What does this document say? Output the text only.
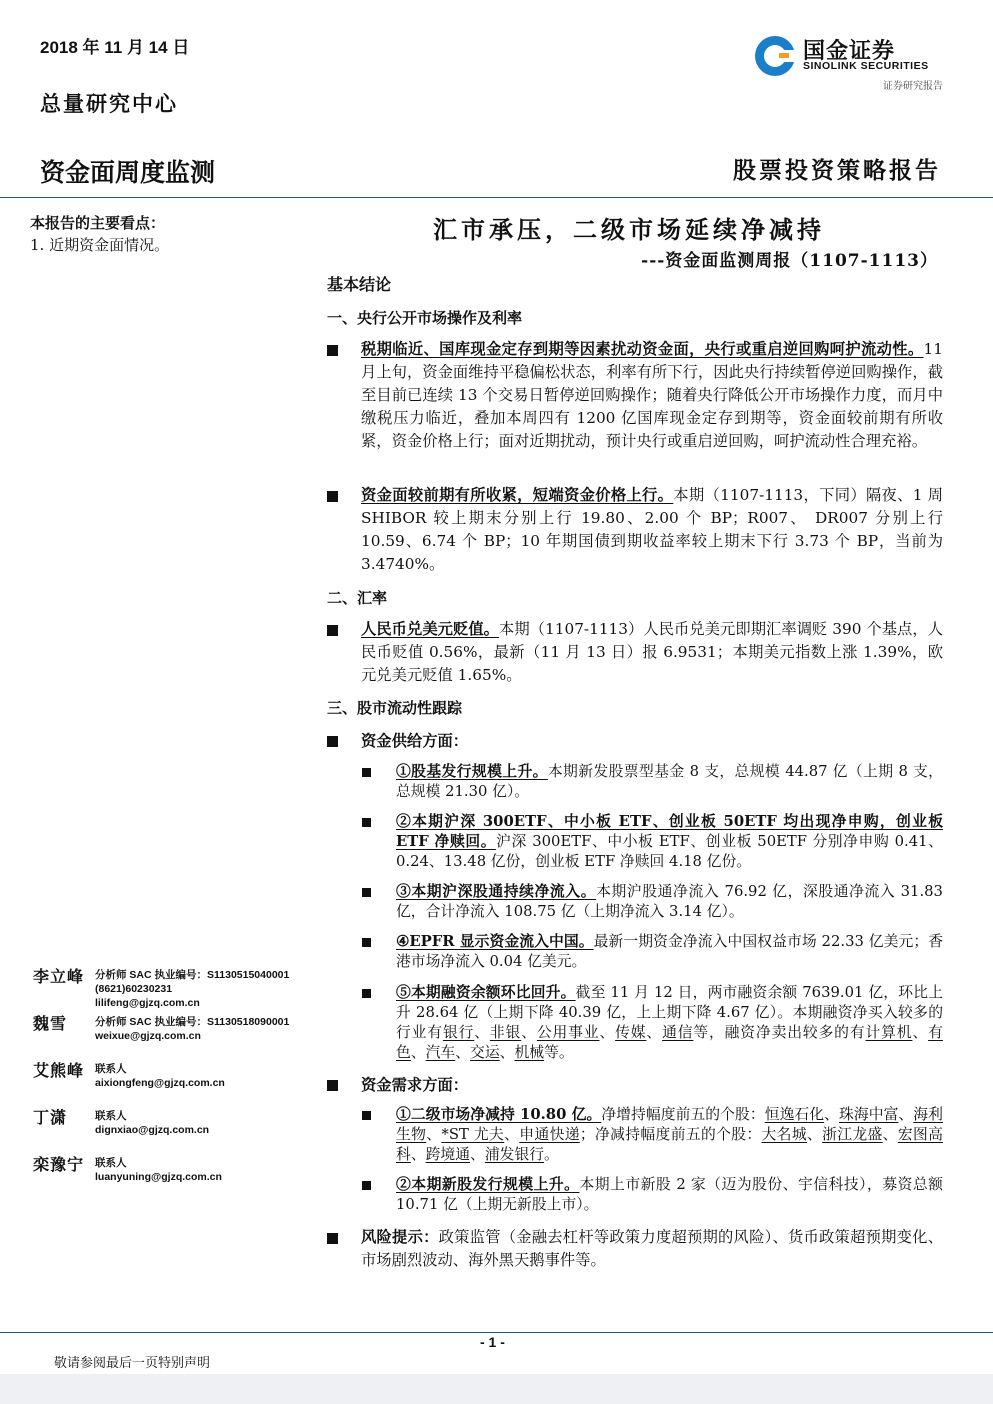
2018 年 11 月 14 日
总量研究中心
资金面周度监测	股票投资策略报告
国金证券
SINOLINK SECURITIES
证券研究报告
本报告的主要看点：
1. 近期资金面情况。
李立峰 分析师 SAC 执业编号：S1130515040001
(8621)60230231
lilifeng@gjzq.com.cn
魏雪	分析师 SAC 执业编号：S1130518090001
weixue@gjzq.com.cn
艾熊峰 联系人
aixiongfeng@gjzq.com.cn
丁潇	联系人
dignxiao@gjzq.com.cn
栾豫宁 联系人
luanyuning@gjzq.com.cn
汇市承压，二级市场延续净减持
---资金面监测周报（1107-1113）
基本结论
一、央行公开市场操作及利率
税期临近、国库现金定存到期等因素扰动资金面，央行或重启逆回购呵护流动性。11 月上旬，资金面维持平稳偏松状态，利率有所下行，因此央行持续暂停逆回购操作，截至目前已连续 13 个交易日暂停逆回购操作；随着央行降低公开市场操作力度，而月中缴税压力临近，叠加本周四有 1200 亿国库现金定存到期等，资金面较前期有所收紧，资金价格上行；面对近期扰动，预计央行或重启逆回购，呵护流动性合理充裕。
资金面较前期有所收紧，短端资金价格上行。本期（1107-1113，下同）隔夜、1 周 SHIBOR 较上期末分别上行 19.80、2.00 个 BP；R007、 DR007 分别上行 10.59、6.74 个 BP；10 年期国债到期收益率较上期末下行 3.73 个 BP，当前为 3.4740%。
二、汇率
人民币兑美元贬值。本期（1107-1113）人民币兑美元即期汇率调贬 390 个基点，人民币贬值 0.56%，最新（11 月 13 日）报 6.9531；本期美元指数上涨 1.39%，欧元兑美元贬值 1.65%。
三、股市流动性跟踪
资金供给方面：
①股基发行规模上升。本期新发股票型基金 8 支，总规模 44.87 亿（上期 8 支，总规模 21.30 亿）。
②本期沪深 300ETF、中小板 ETF、创业板 50ETF 均出现净申购，创业板 ETF 净赎回。沪深 300ETF、中小板 ETF、创业板 50ETF 分别净申购 0.41、0.24、13.48 亿份，创业板 ETF 净赎回 4.18 亿份。
③本期沪深股通持续净流入。本期沪股通净流入 76.92 亿，深股通净流入 31.83 亿，合计净流入 108.75 亿（上期净流入 3.14 亿）。
④EPFR 显示资金流入中国。最新一期资金净流入中国权益市场 22.33 亿美元；香港市场净流入 0.04 亿美元。
⑤本期融资余额环比回升。截至 11 月 12 日，两市融资余额 7639.01 亿，环比上升 28.64 亿（上期下降 40.39 亿，上上期下降 4.67 亿）。本期融资净买入较多的行业有银行、非银、公用事业、传媒、通信等，融资净卖出较多的有计算机、有色、汽车、交运、机械等。
资金需求方面：
①二级市场净减持 10.80 亿。净增持幅度前五的个股：恒逸石化、珠海中富、海利生物、*ST 尤夫、申通快递；净减持幅度前五的个股：大名城、浙江龙盛、宏图高科、跨境通、浦发银行。
②本期新股发行规模上升。本期上市新股 2 家（迈为股份、宇信科技），募资总额 10.71 亿（上期无新股上市）。
风险提示：政策监管（金融去杠杆等政策力度超预期的风险）、货币政策超预期变化、市场剧烈波动、海外黑天鹅事件等。
- 1 -
敬请参阅最后一页特别声明
